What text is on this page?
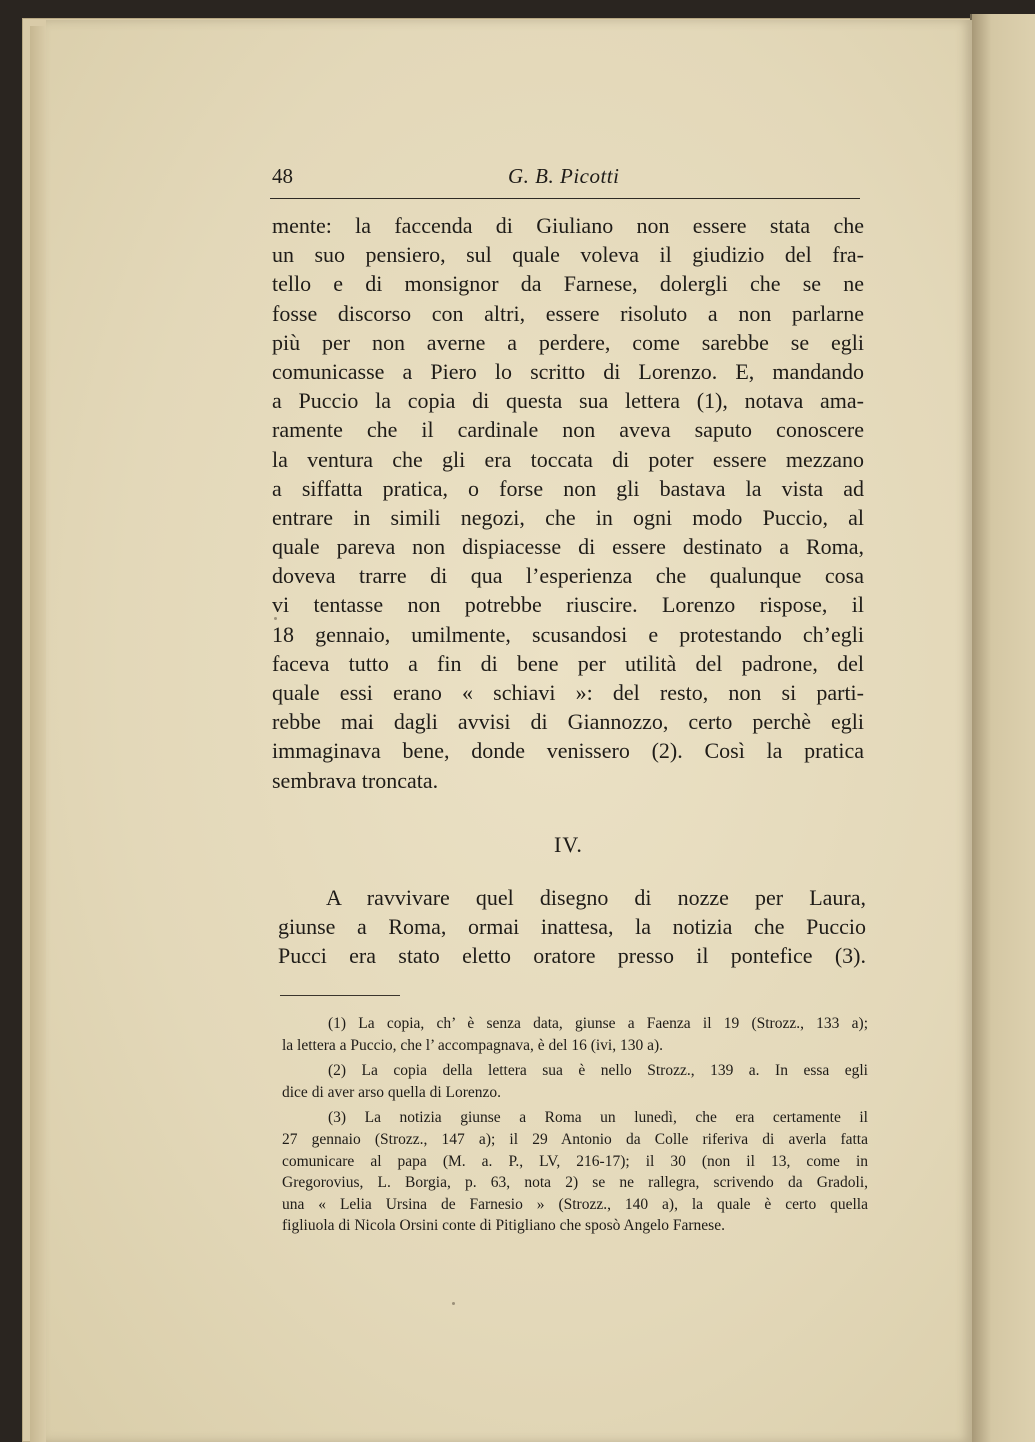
48	G. B. Picotti
mente: la faccenda di Giuliano non essere stata che
un suo pensiero, sul quale voleva il giudizio del fra-
tello e di monsignor da Farnese, dolergli che se ne
fosse discorso con altri, essere risoluto a non parlarne
più per non averne a perdere, come sarebbe se egli
comunicasse a Piero lo scritto di Lorenzo. E, mandando
a Puccio la copia di questa sua lettera (1), notava ama-
ramente che il cardinale non aveva saputo conoscere
la ventura che gli era toccata di poter essere mezzano
a siffatta pratica, o forse non gli bastava la vista ad
entrare in simili negozi, che in ogni modo Puccio, al
quale pareva non dispiacesse di essere destinato a Roma,
doveva trarre di qua l’esperienza che qualunque cosa
vi tentasse non potrebbe riuscire. Lorenzo rispose, il
18 gennaio, umilmente, scusandosi e protestando ch’egli
faceva tutto a fin di bene per utilità del padrone, del
quale essi erano « schiavi »: del resto, non si parti-
rebbe mai dagli avvisi di Giannozzo, certo perchè egli
immaginava bene, donde venissero (2). Così la pratica
sembrava troncata.
IV.
A ravvivare quel disegno di nozze per Laura,
giunse a Roma, ormai inattesa, la notizia che Puccio
Pucci era stato eletto oratore presso il pontefice (3).
(1) La copia, ch’ è senza data, giunse a Faenza il 19 (Strozz., 133 a);
la lettera a Puccio, che l’ accompagnava, è del 16 (ivi, 130 a).
(2) La copia della lettera sua è nello Strozz., 139 a. In essa egli
dice di aver arso quella di Lorenzo.
(3) La notizia giunse a Roma un lunedì, che era certamente il
27 gennaio (Strozz., 147 a); il 29 Antonio da Colle riferiva di averla fatta
comunicare al papa (M. a. P., LV, 216-17); il 30 (non il 13, come in
Gregorovius, L. Borgia, p. 63, nota 2) se ne rallegra, scrivendo da Gradoli,
una « Lelia Ursina de Farnesio » (Strozz., 140 a), la quale è certo quella
figliuola di Nicola Orsini conte di Pitigliano che sposò Angelo Farnese.
